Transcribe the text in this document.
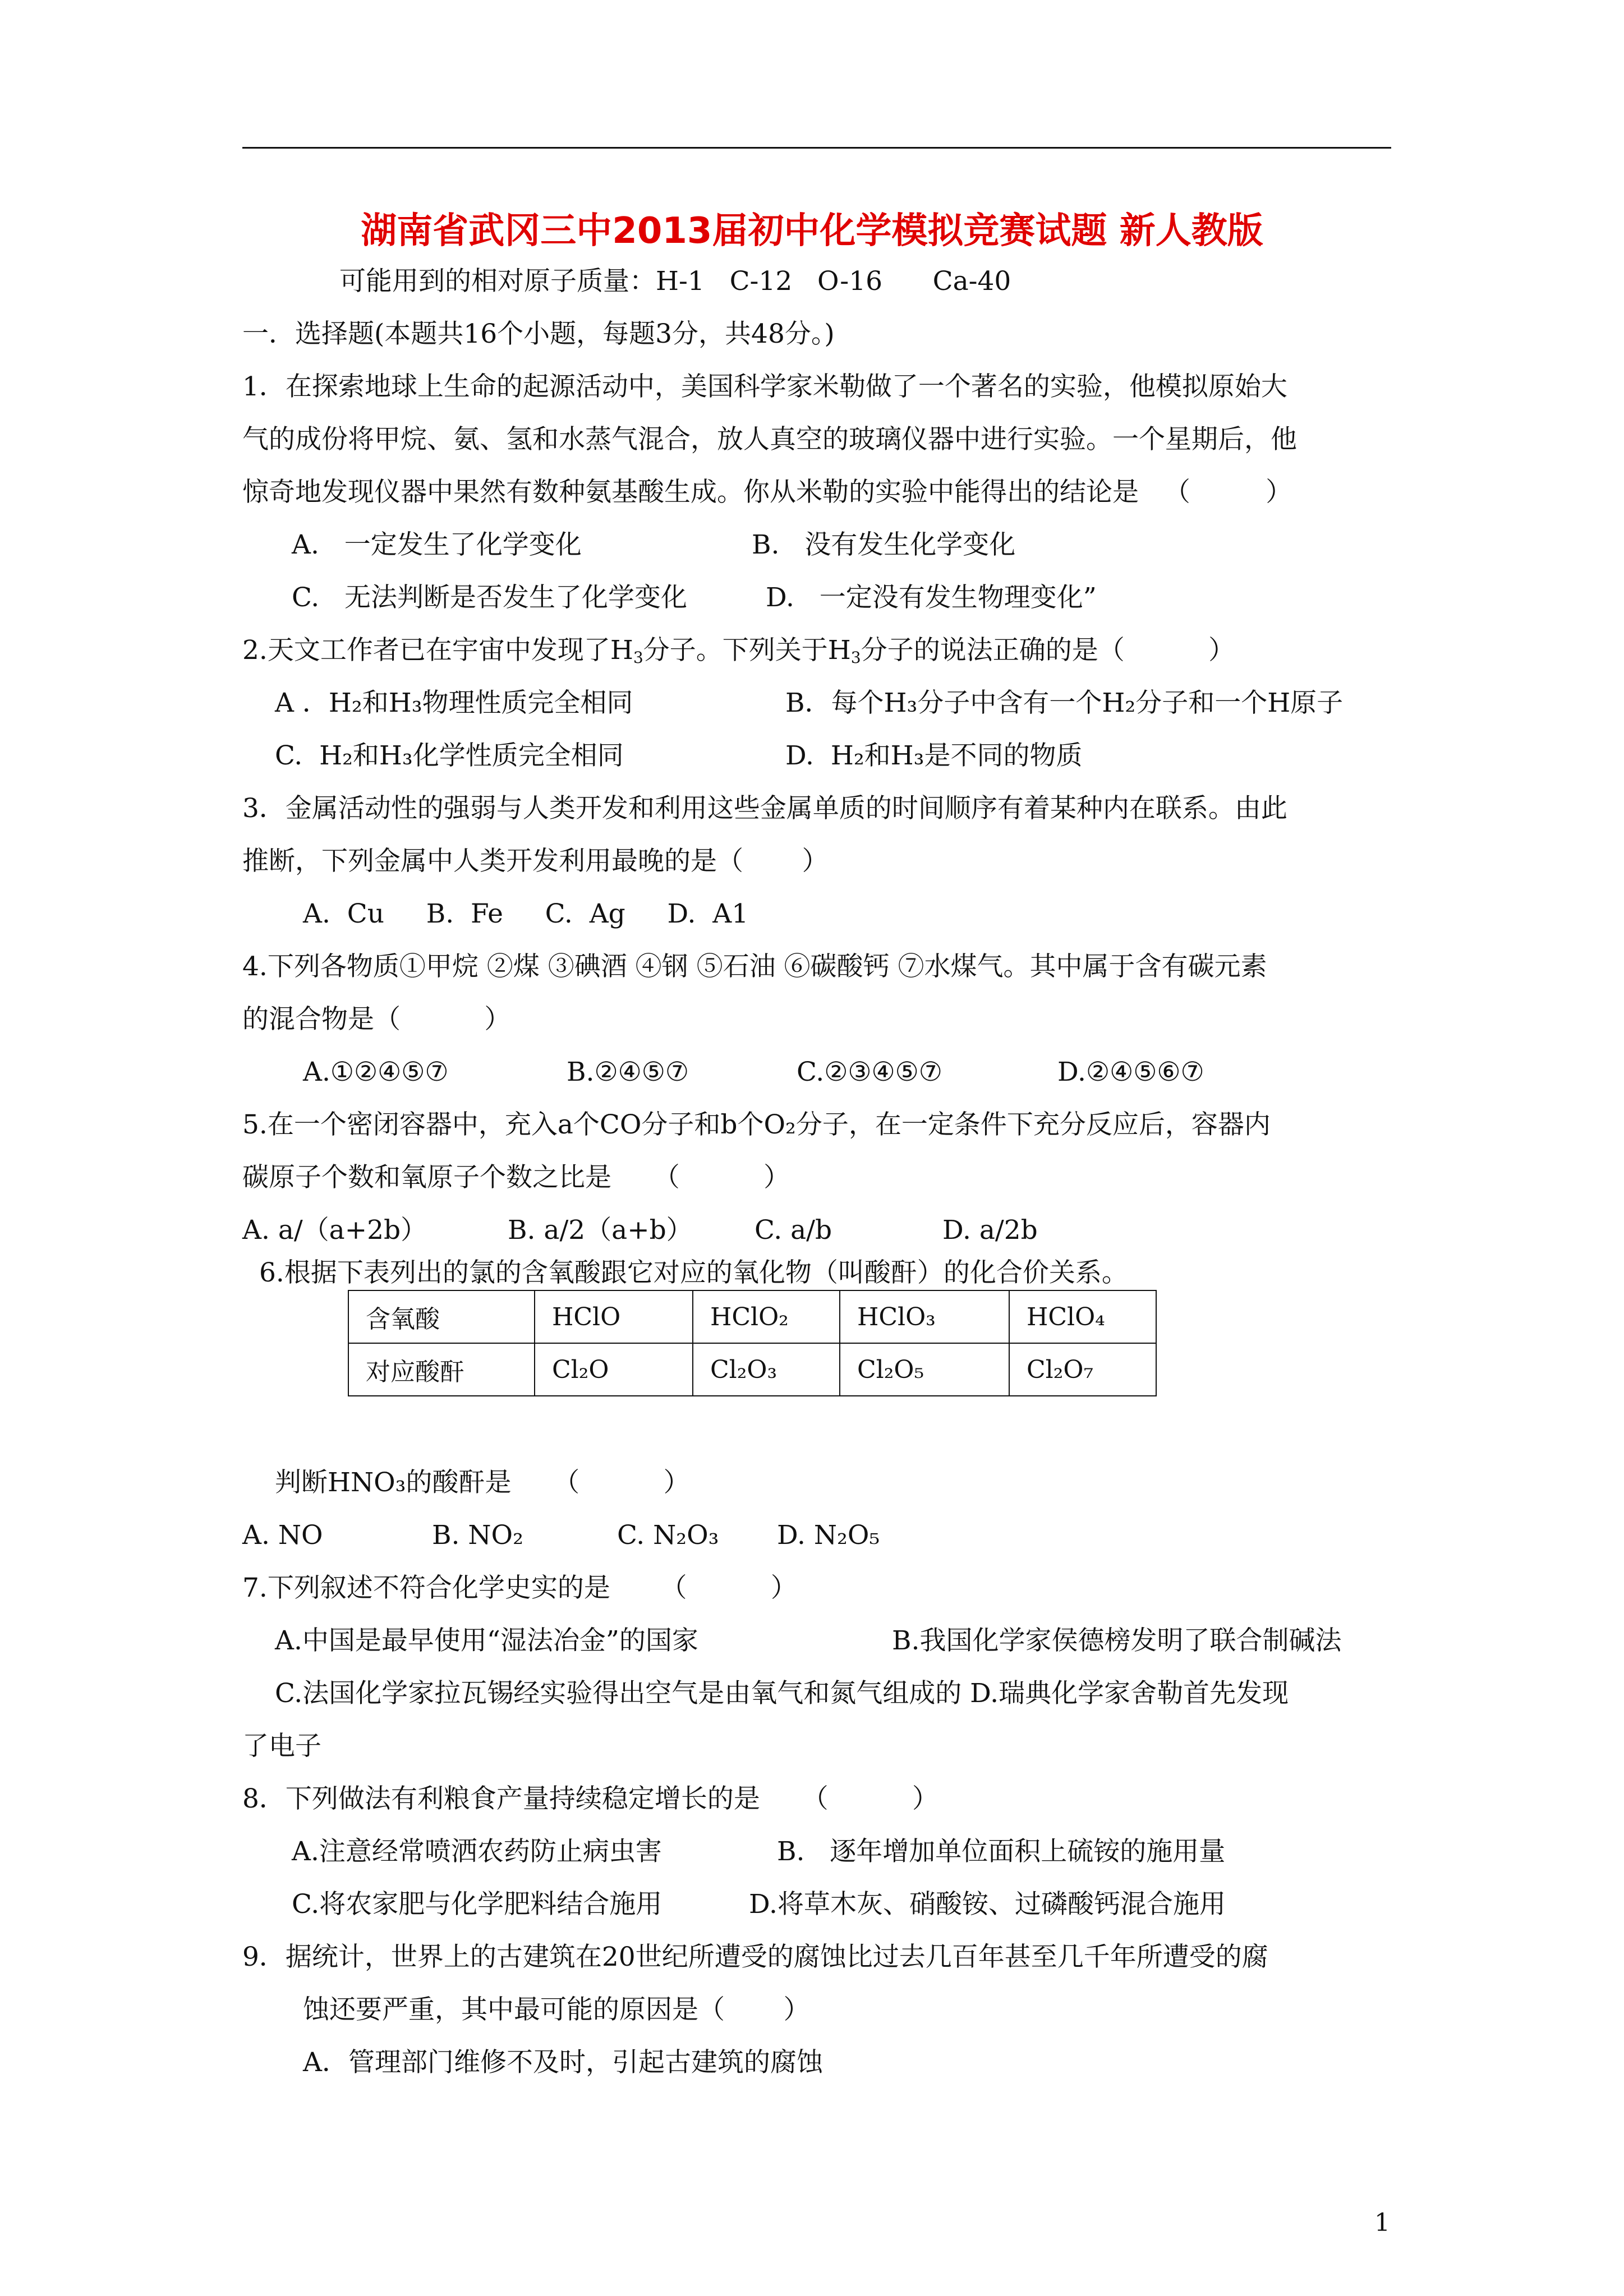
湖南省武冈三中2013届初中化学模拟竞赛试题 新人教版
可能用到的相对原子质量：H-1   C-12   O-16      Ca-40
一．选择题(本题共16个小题，每题3分，共48分。)
1．在探索地球上生命的起源活动中，美国科学家米勒做了一个著名的实验，他模拟原始大
气的成份将甲烷、氨、氢和水蒸气混合，放人真空的玻璃仪器中进行实验。一个星期后，他
惊奇地发现仪器中果然有数种氨基酸生成。你从米勒的实验中能得出的结论是   （         ）
A.   一定发生了化学变化	B.   没有发生化学变化
C.   无法判断是否发生了化学变化	D.   一定没有发生物理变化”
2.天文工作者已在宇宙中发现了$H_3$分子。下列关于$H_3$分子的说法正确的是（          ）
A ．H₂和H₃物理性质完全相同	B．每个H₃分子中含有一个H₂分子和一个H原子
C.  H₂和H₃化学性质完全相同	D.  H₂和H₃是不同的物质
3．金属活动性的强弱与人类开发和利用这些金属单质的时间顺序有着某种内在联系。由此
推断，下列金属中人类开发利用最晚的是（       ）
A.  Cu     B.  Fe     C.  Ag     D.  A1
4.下列各物质①甲烷 ②煤 ③碘酒 ④钢 ⑤石油 ⑥碳酸钙 ⑦水煤气。其中属于含有碳元素
的混合物是（          ）
A.①②④⑤⑦	B.②④⑤⑦	C.②③④⑤⑦	D.②④⑤⑥⑦
5.在一个密闭容器中，充入a个CO分子和b个O₂分子，在一定条件下充分反应后，容器内
碳原子个数和氧原子个数之比是     （          ）
A. a/（a+2b）	B. a/2（a+b） C. a/b	D. a/2b
6.根据下表列出的氯的含氧酸跟它对应的氧化物（叫酸酐）的化合价关系。
含氧酸	HClO	HClO₂	HClO₃	HClO₄
对应酸酐	Cl₂O	Cl₂O₃	Cl₂O₅	Cl₂O₇
判断HNO₃的酸酐是     （          ）
A. NO	B. NO₂	C. N₂O₃ D. N₂O₅
7.下列叙述不符合化学史实的是      （          ）
A.中国是最早使用“湿法冶金”的国家	B.我国化学家侯德榜发明了联合制碱法
C.法国化学家拉瓦锡经实验得出空气是由氧气和氮气组成的 D.瑞典化学家舍勒首先发现
了电子
8．下列做法有利粮食产量持续稳定增长的是     （          ）
A.注意经常喷洒农药防止病虫害	B.   逐年增加单位面积上硫铵的施用量
C.将农家肥与化学肥料结合施用	D.将草木灰、硝酸铵、过磷酸钙混合施用
9．据统计，世界上的古建筑在20世纪所遭受的腐蚀比过去几百年甚至几千年所遭受的腐
蚀还要严重，其中最可能的原因是（       ）
A．管理部门维修不及时，引起古建筑的腐蚀
1
